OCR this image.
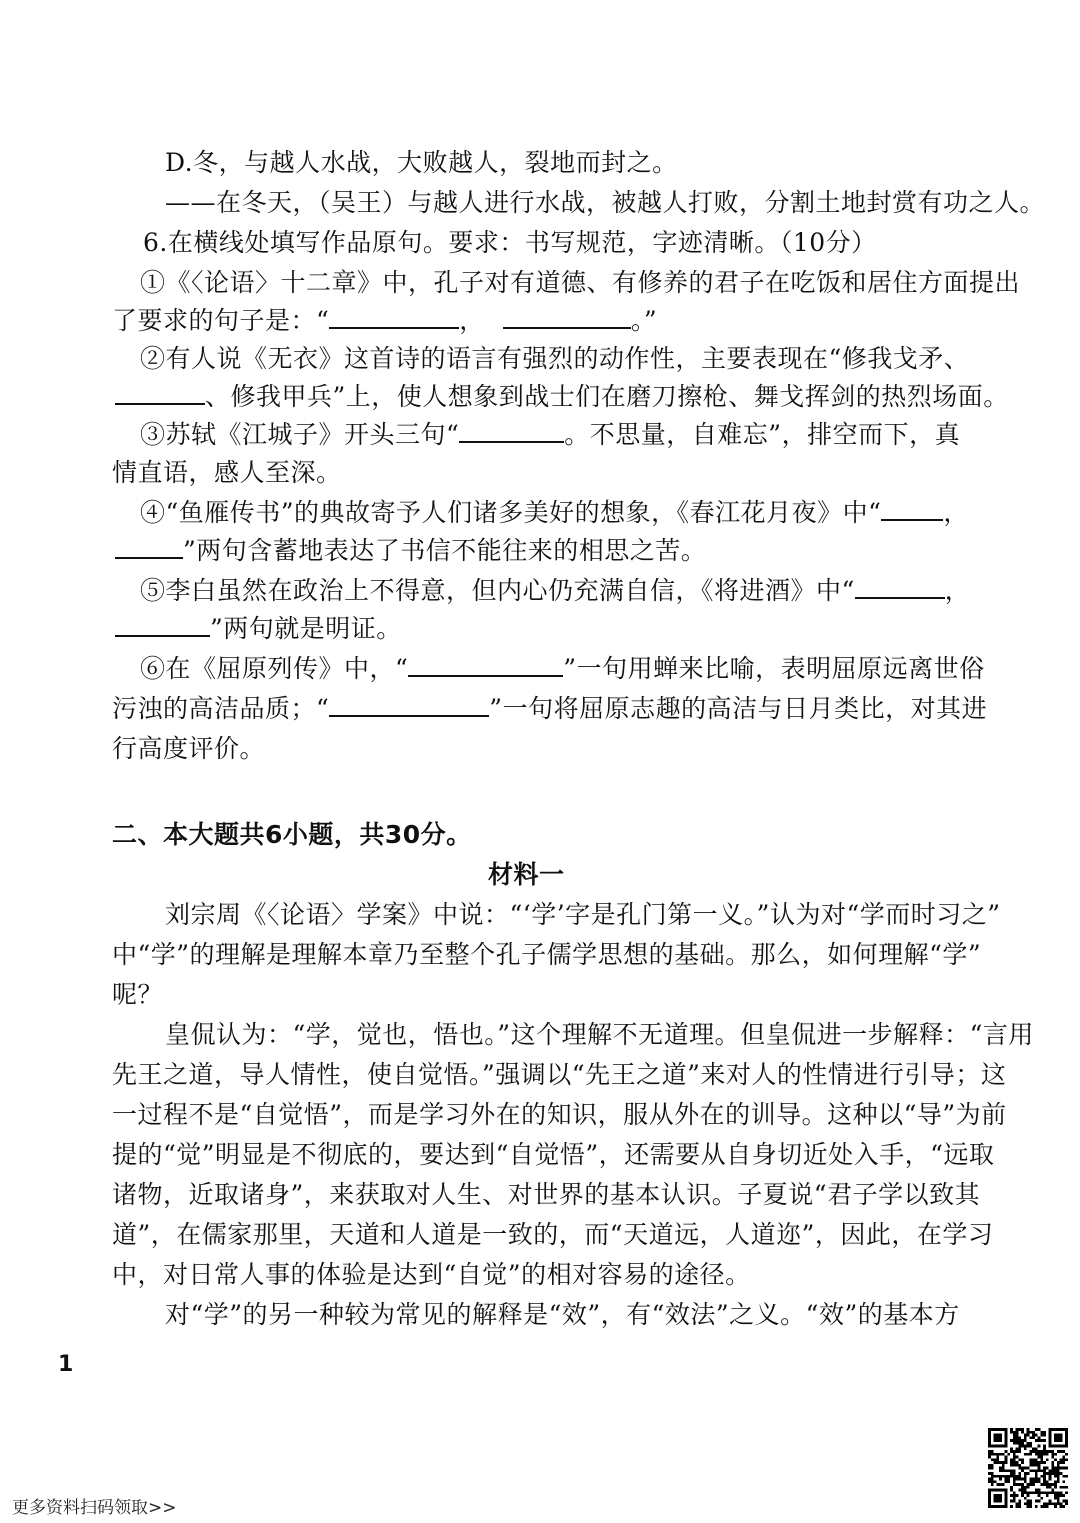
D.冬，与越人水战，大败越人，裂地而封之。
——在冬天，（吴王）与越人进行水战，被越人打败，分割土地封赏有功之人。
6.在横线处填写作品原句。要求：书写规范，字迹清晰。（10分）
①《〈论语〉十二章》中，孔子对有道德、有修养的君子在吃饭和居住方面提出
了要求的句子是：“	，	。”
②有人说《无衣》这首诗的语言有强烈的动作性，主要表现在“修我戈矛、
、修我甲兵”上，使人想象到战士们在磨刀擦枪、舞戈挥剑的热烈场面。
③苏轼《江城子》开头三句“	。不思量，自难忘”，排空而下，真
情直语，感人至深。
④“鱼雁传书”的典故寄予人们诸多美好的想象，《春江花月夜》中“ ，
”两句含蓄地表达了书信不能往来的相思之苦。
⑤李白虽然在政治上不得意，但内心仍充满自信，《将进酒》中“	，
”两句就是明证。
⑥在《屈原列传》中，“	”一句用蝉来比喻，表明屈原远离世俗
污浊的高洁品质；“	”一句将屈原志趣的高洁与日月类比，对其进
行高度评价。
二、本大题共6小题，共30分。
材料一
刘宗周《〈论语〉学案》中说：“‘学’字是孔门第一义。”认为对“学而时习之”
中“学”的理解是理解本章乃至整个孔子儒学思想的基础。那么，如何理解“学”
呢？
皇侃认为：“学，觉也，悟也。”这个理解不无道理。但皇侃进一步解释：“言用
先王之道，导人情性，使自觉悟。”强调以“先王之道”来对人的性情进行引导；这
一过程不是“自觉悟”，而是学习外在的知识，服从外在的训导。这种以“导”为前
提的“觉”明显是不彻底的，要达到“自觉悟”，还需要从自身切近处入手，“远取
诸物，近取诸身”，来获取对人生、对世界的基本认识。子夏说“君子学以致其
道”，在儒家那里，天道和人道是一致的，而“天道远，人道迩”，因此，在学习
中，对日常人事的体验是达到“自觉”的相对容易的途径。
对“学”的另一种较为常见的解释是“效”，有“效法”之义。“效”的基本方
1
更多资料扫码领取>>
